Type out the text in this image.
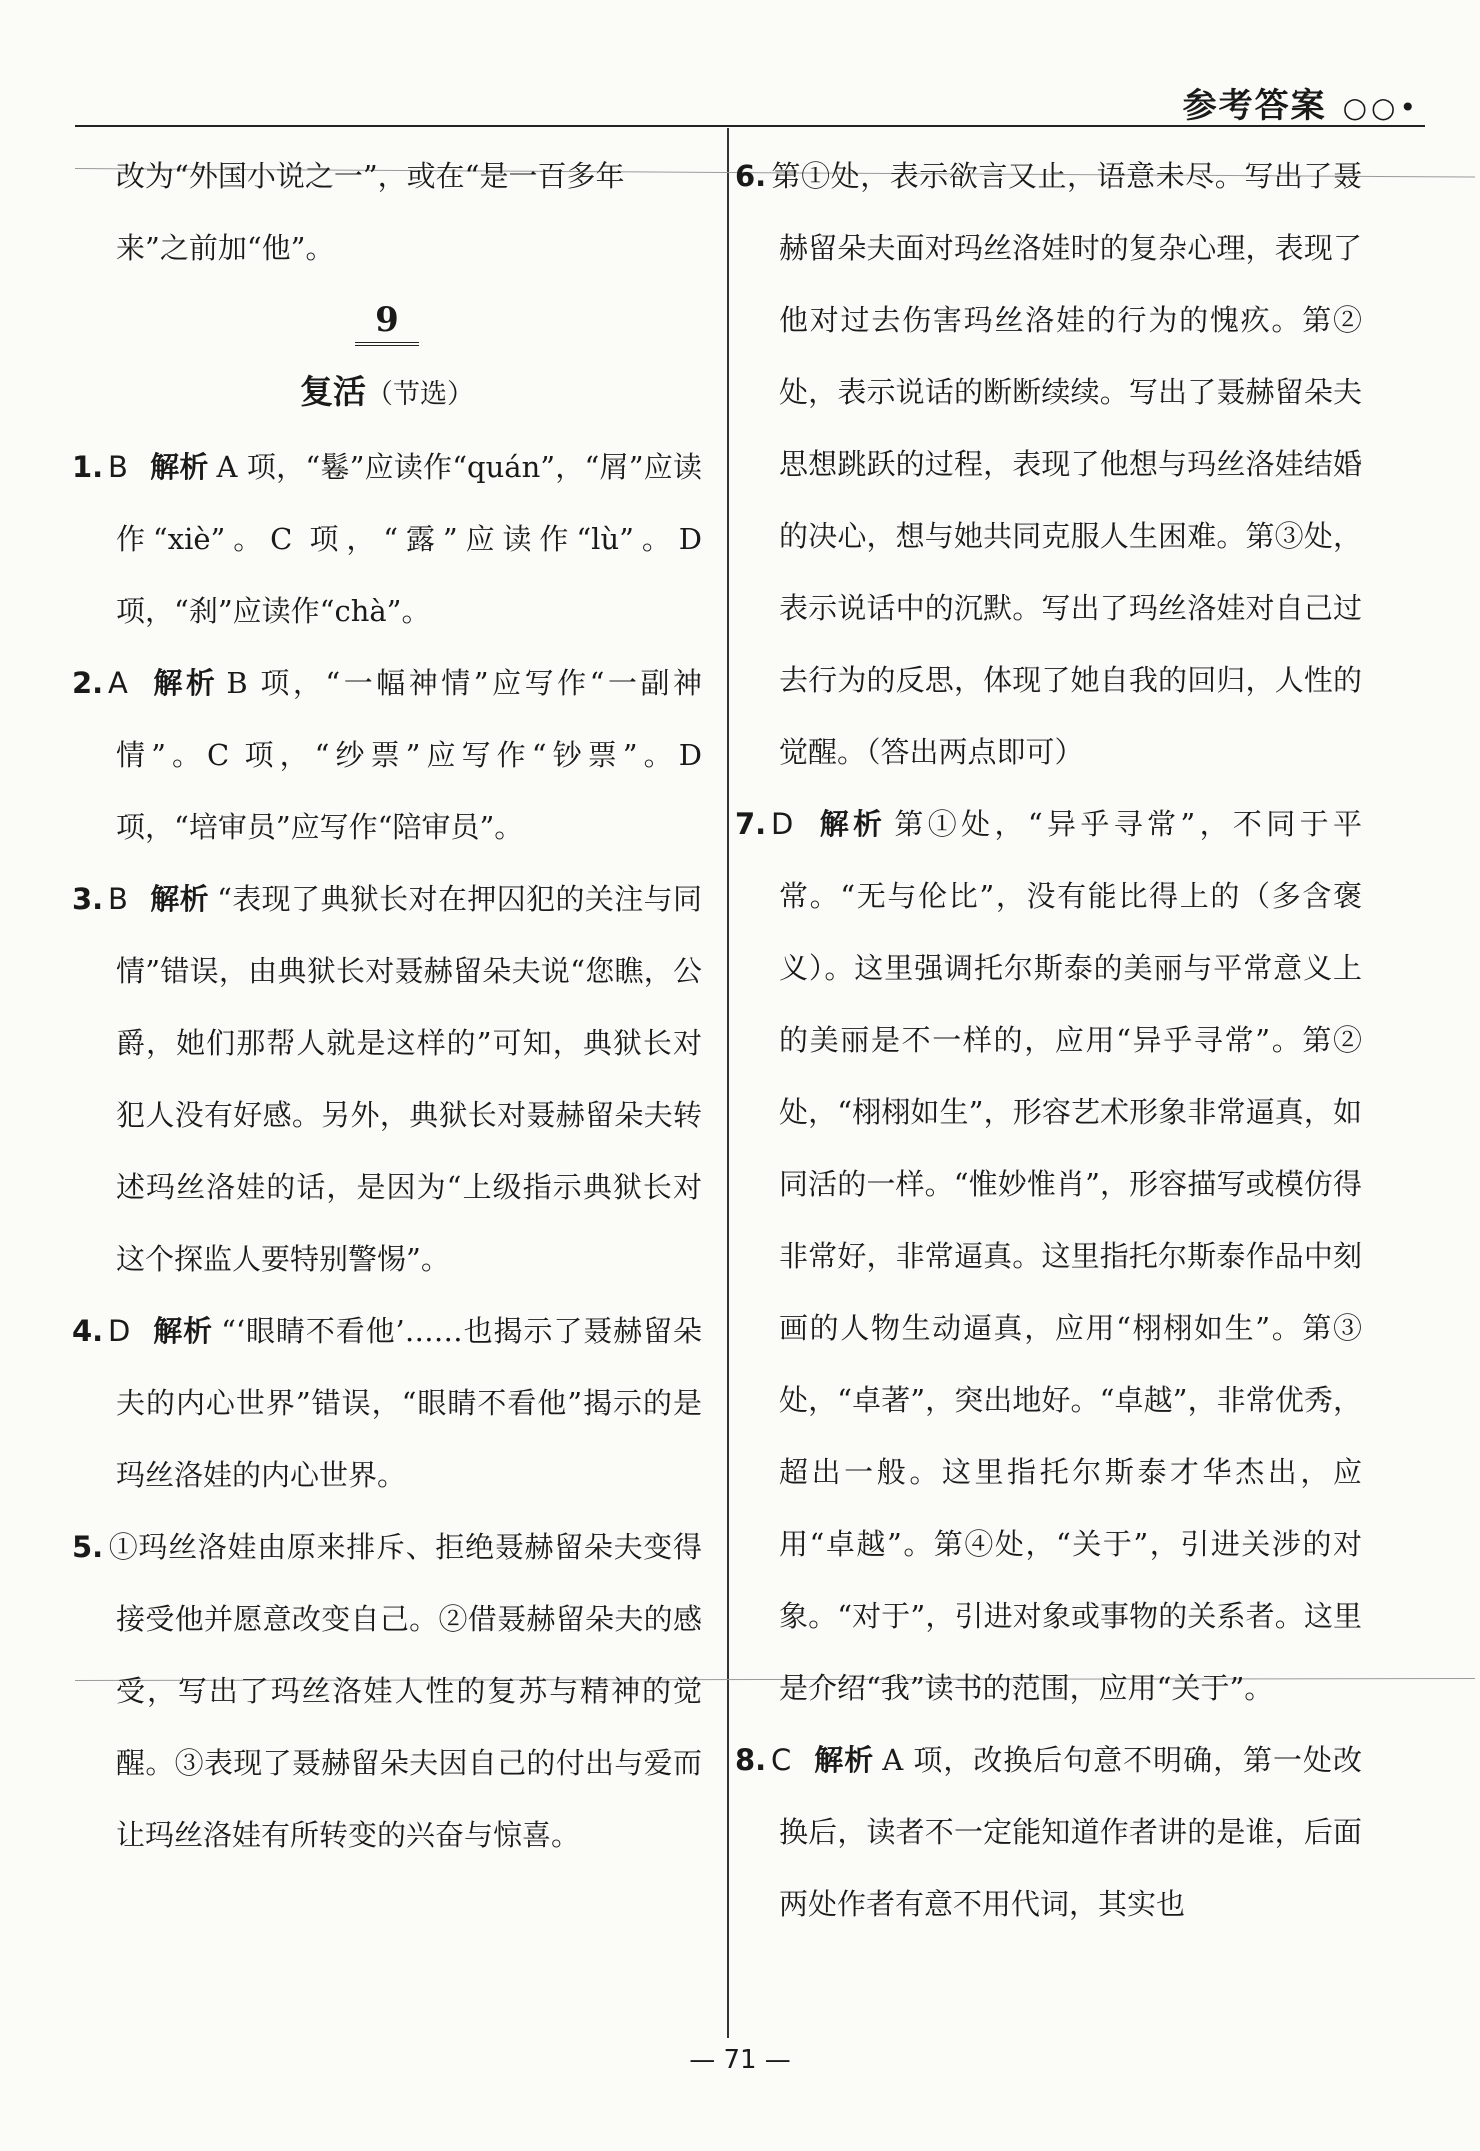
参考答案 ○○•

改为“外国小说之一”，或在“是一百多年

来”之前加“他”。

9

复活（节选）

1. B 解析 A 项，“鬈”应读作“quán”，“屑”应读作“xiè”。C 项，“露”应读作“lù”。D 项，“刹”应读作“chà”。

2. A 解析 B 项，“一幅神情”应写作“一副神情”。C 项，“纱票”应写作“钞票”。D 项，“培审员”应写作“陪审员”。

3. B 解析 “表现了典狱长对在押囚犯的关注与同情”错误，由典狱长对聂赫留朵夫说“您瞧，公爵，她们那帮人就是这样的”可知，典狱长对犯人没有好感。另外，典狱长对聂赫留朵夫转述玛丝洛娃的话，是因为“上级指示典狱长对这个探监人要特别警惕”。

4. D 解析 “‘眼睛不看他’……也揭示了聂赫留朵夫的内心世界”错误，“眼睛不看他”揭示的是玛丝洛娃的内心世界。

5. ①玛丝洛娃由原来排斥、拒绝聂赫留朵夫变得接受他并愿意改变自己。②借聂赫留朵夫的感受，写出了玛丝洛娃人性的复苏与精神的觉醒。③表现了聂赫留朵夫因自己的付出与爱而让玛丝洛娃有所转变的兴奋与惊喜。

6. 第①处，表示欲言又止，语意未尽。写出了聂赫留朵夫面对玛丝洛娃时的复杂心理，表现了他对过去伤害玛丝洛娃的行为的愧疚。第②处，表示说话的断断续续。写出了聂赫留朵夫思想跳跃的过程，表现了他想与玛丝洛娃结婚的决心，想与她共同克服人生困难。第③处，表示说话中的沉默。写出了玛丝洛娃对自己过去行为的反思，体现了她自我的回归，人性的觉醒。（答出两点即可）

7. D 解析 第①处，“异乎寻常”，不同于平常。“无与伦比”，没有能比得上的（多含褒义）。这里强调托尔斯泰的美丽与平常意义上的美丽是不一样的，应用“异乎寻常”。第②处，“栩栩如生”，形容艺术形象非常逼真，如同活的一样。“惟妙惟肖”，形容描写或模仿得非常好，非常逼真。这里指托尔斯泰作品中刻画的人物生动逼真，应用“栩栩如生”。第③处，“卓著”，突出地好。“卓越”，非常优秀，超出一般。这里指托尔斯泰才华杰出，应用“卓越”。第④处，“关于”，引进关涉的对象。“对于”，引进对象或事物的关系者。这里是介绍“我”读书的范围，应用“关于”。

8. C 解析 A 项，改换后句意不明确，第一处改换后，读者不一定能知道作者讲的是谁，后面两处作者有意不用代词，其实也

— 71 —
